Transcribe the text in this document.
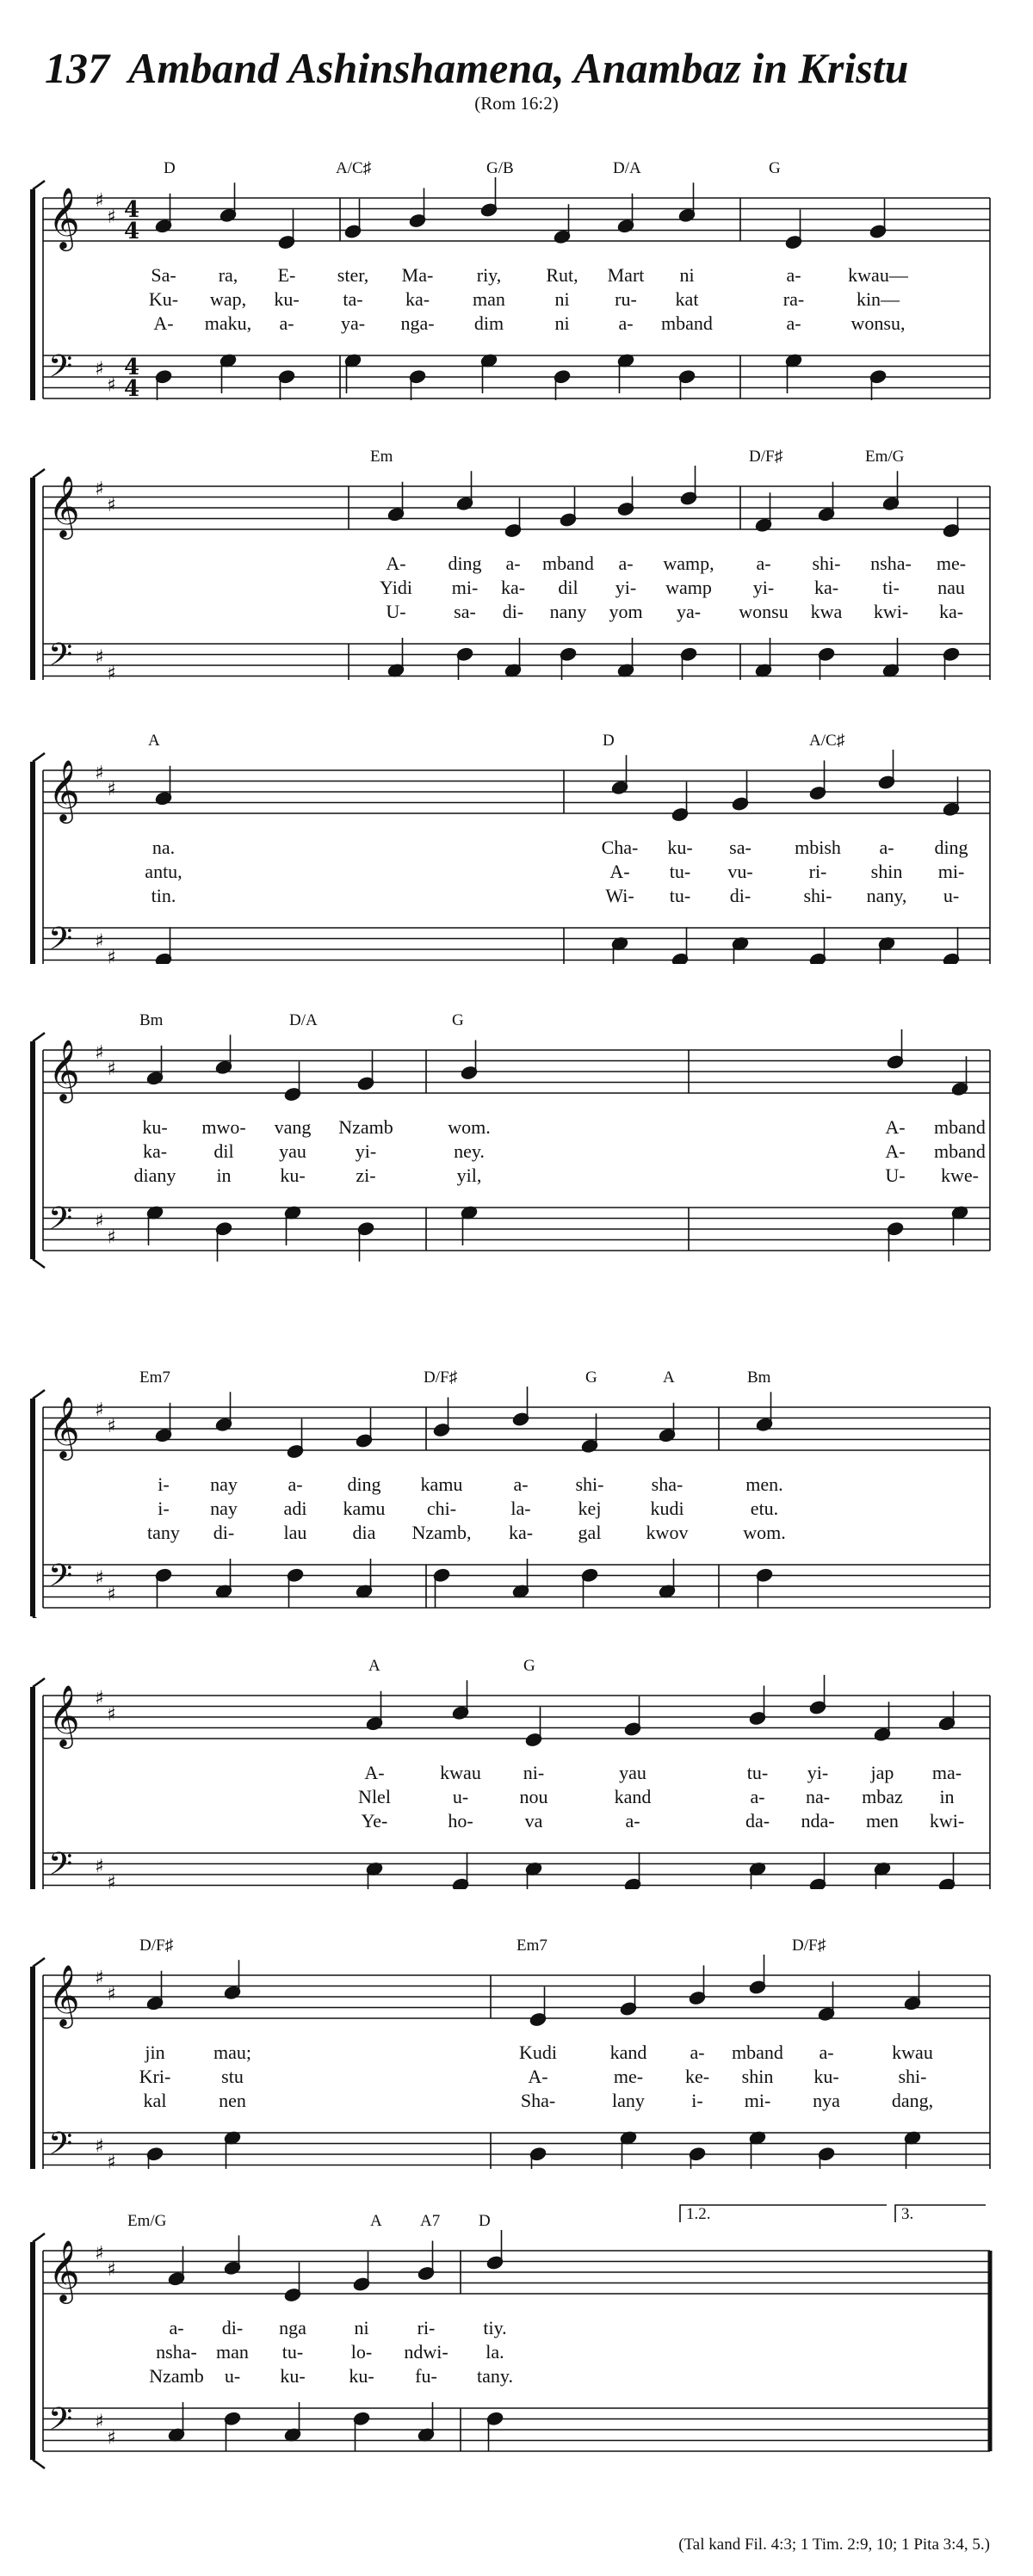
137 Amband Ashinshamena, Anambaz in Kristu
(Rom 16:2)
𝄞 ♯
♯ 4
4
𝄢 ♯
♯
4
4
D	A/C♯	G/B	D/A	G
Sa- ra, E- ster, Ma- riy, Rut, Mart ni	a- kwau—
Ku- wap, ku- ta- ka- man	ni ru- kat	ra-	kin—
A- maku, a- ya- nga- dim	ni	a- mband	a-	wonsu,
𝄞 ♯
♯
𝄢 ♯
♯
Em	D/F♯	Em/G
A- ding a- mband a- wamp, a- shi- nsha- me-
Yidi mi- ka- dil yi- wamp yi- ka- ti- nau
U-	sa- di- nany yom ya- wonsu kwa kwi- ka-
𝄞 ♯
♯
𝄢 ♯
♯
A	D	A/C♯
na.	Cha- ku- sa- mbish a- ding
antu,	A- tu- vu-	ri- shin mi-
tin.	Wi- tu- di-	shi- nany, u-
𝄞 ♯
♯
𝄢 ♯
♯
Bm	D/A	G
ku- mwo- vang Nzamb	wom.	A- mband
ka- dil yau	yi-	ney.	A- mband
diany in	ku-	zi-	yil,	U- kwe-
𝄞 ♯
♯
𝄢 ♯
♯
Em7	D/F♯	G	A	Bm
i- nay	a- ding kamu	a- shi-	sha-	men.
i- nay adi kamu chi-	la- kej	kudi	etu.
tany di-	lau dia Nzamb, ka- gal kwov	wom.
𝄞 ♯
♯
𝄢 ♯
♯
A	G
A-	kwau ni-	yau	tu- yi- jap ma-
Nlel	u-	nou	kand	a- na- mbaz in
Ye-	ho-	va	a-	da- nda- men kwi-
𝄞 ♯
♯
𝄢 ♯
♯
D/F♯	Em7	D/F♯
jin	mau;	Kudi	kand a- mband a-	kwau
Kri-	stu	A-	me- ke- shin ku-	shi-
kal	nen	Sha-	lany i- mi- nya	dang,
𝄞 ♯
♯
𝄢 ♯
♯
1.2.	3.
Em/G	A A7 D
a- di- nga	ni	ri-	tiy.
nsha- man tu-	lo- ndwi- la.
Nzamb u- ku- ku- fu- tany.
(Tal kand Fil. 4:3; 1 Tim. 2:9, 10; 1 Pita 3:4, 5.)
